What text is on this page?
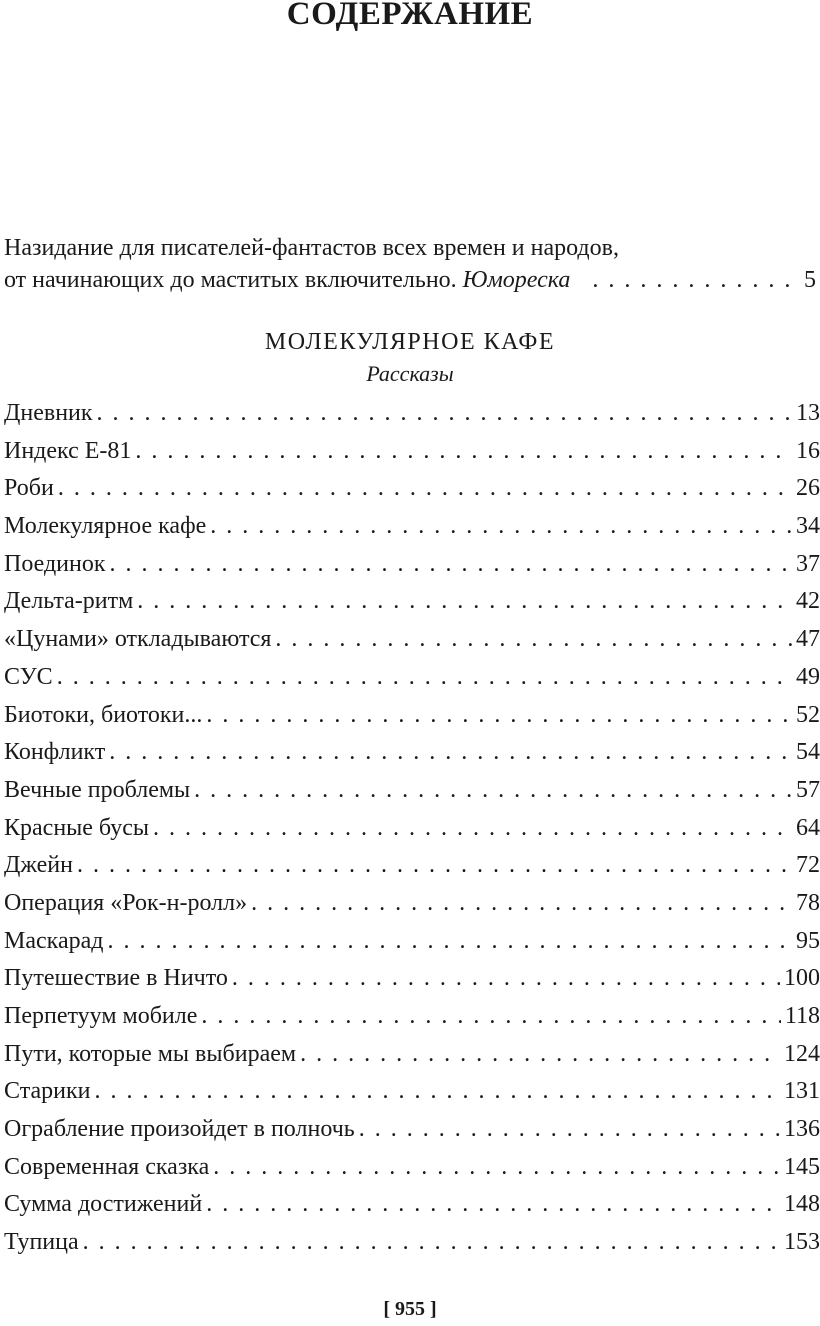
СОДЕРЖАНИЕ
Назидание для писателей-фантастов всех времен и народов,
от начинающих до маститых включительно.
Юмореска . . .	5
МОЛЕКУЛЯРНОЕ КАФЕ
Рассказы
Дневник . . .	13
Индекс Е-81 . . .	16
Роби . . .	26
Молекулярное кафе . . .	34
Поединок . . .	37
Дельта-ритм . . .	42
«Цунами» откладываются . . .	47
СУС . . .	49
Биотоки, биотоки... . . .	52
Конфликт . . .	54
Вечные проблемы . . .	57
Красные бусы . . .	64
Джейн . . .	72
Операция «Рок-н-ролл» . . .	78
Маскарад . . .	95
Путешествие в Ничто . . .	100
Перпетуум мобиле . . .	118
Пути, которые мы выбираем . . .	124
Старики . . .	131
Ограбление произойдет в полночь . . .	136
Современная сказка . . .	145
Сумма достижений . . .	148
Тупица . . .	153
[ 955 ]
